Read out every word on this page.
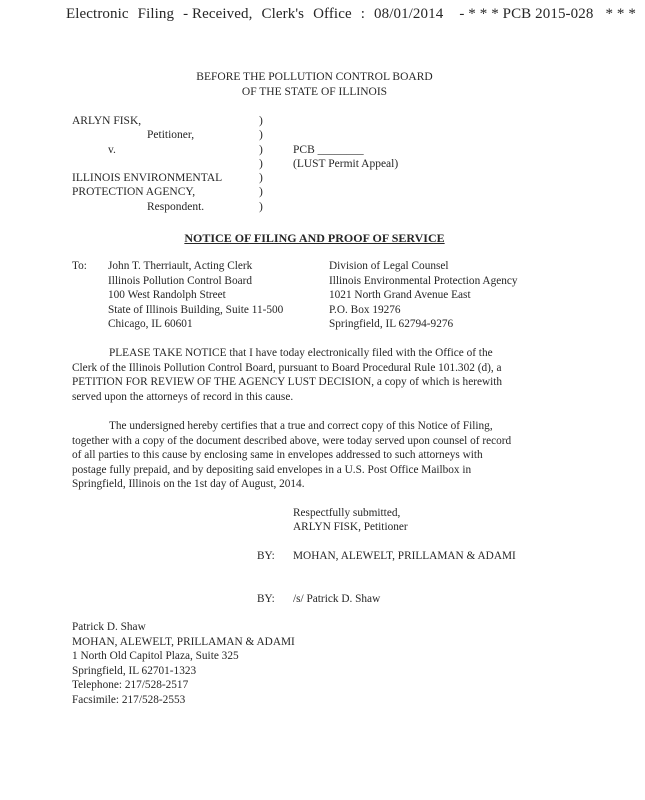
Electronic Filing - Received, Clerk's Office : 08/01/2014 - * * * PCB 2015-028 * * *
BEFORE THE POLLUTION CONTROL BOARD
OF THE STATE OF ILLINOIS
ARLYN FISK,
Petitioner,
v.
ILLINOIS ENVIRONMENTAL
PROTECTION AGENCY,
Respondent.
)
)
)
)
)
)
)
PCB ________
(LUST Permit Appeal)
NOTICE OF FILING AND PROOF OF SERVICE
To: John T. Therriault, Acting Clerk
Illinois Pollution Control Board
100 West Randolph Street
State of Illinois Building, Suite 11-500
Chicago, IL 60601
Division of Legal Counsel
Illinois Environmental Protection Agency
1021 North Grand Avenue East
P.O. Box 19276
Springfield, IL 62794-9276
PLEASE TAKE NOTICE that I have today electronically filed with the Office of the
Clerk of the Illinois Pollution Control Board, pursuant to Board Procedural Rule 101.302 (d), a
PETITION FOR REVIEW OF THE AGENCY LUST DECISION, a copy of which is herewith
served upon the attorneys of record in this cause.
The undersigned hereby certifies that a true and correct copy of this Notice of Filing,
together with a copy of the document described above, were today served upon counsel of record
of all parties to this cause by enclosing same in envelopes addressed to such attorneys with
postage fully prepaid, and by depositing said envelopes in a U.S. Post Office Mailbox in
Springfield, Illinois on the 1st day of August, 2014.
Respectfully submitted,
ARLYN FISK, Petitioner
BY: MOHAN, ALEWELT, PRILLAMAN & ADAMI
BY: /s/ Patrick D. Shaw
Patrick D. Shaw
MOHAN, ALEWELT, PRILLAMAN & ADAMI
1 North Old Capitol Plaza, Suite 325
Springfield, IL 62701-1323
Telephone: 217/528-2517
Facsimile: 217/528-2553
